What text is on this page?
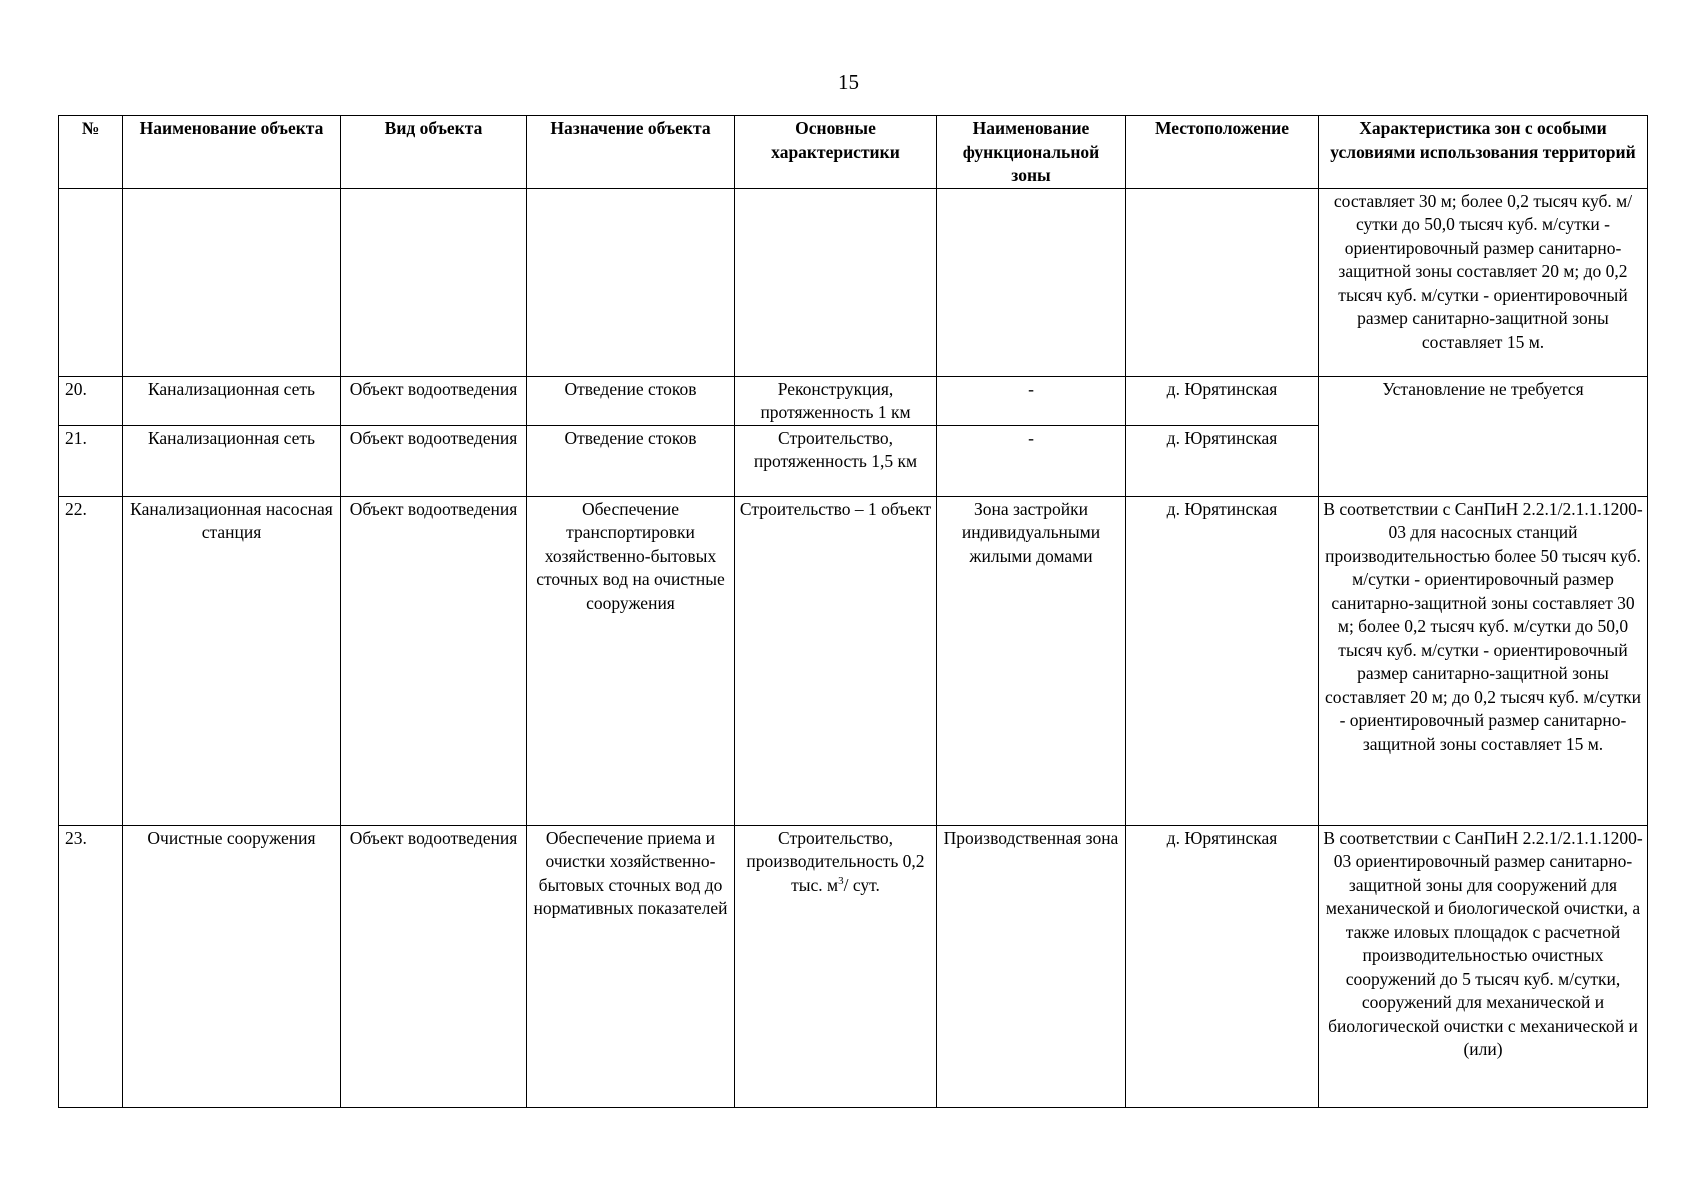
15
№	Наименование объекта	Вид объекта	Назначение объекта	Основные характеристики	Наименование функциональной зоны	Местоположение	Характеристика зон с особыми условиями использования территорий
							составляет 30 м; более 0,2 тысяч куб. м/сутки до 50,0 тысяч куб. м/сутки - ориентировочный размер санитарно-защитной зоны составляет 20 м; до 0,2 тысяч куб. м/сутки - ориентировочный размер санитарно-защитной зоны составляет 15 м.
20.	Канализационная сеть	Объект водоотведения	Отведение стоков	Реконструкция, протяженность 1 км	-	д. Юрятинская	Установление не требуется
21.	Канализационная сеть	Объект водоотведения	Отведение стоков	Строительство, протяженность 1,5 км	-	д. Юрятинская	
22.	Канализационная насосная станция	Объект водоотведения	Обеспечение транспортировки хозяйственно-бытовых сточных вод на очистные сооружения	Строительство – 1 объект	Зона застройки индивидуальными жилыми домами	д. Юрятинская	В соответствии с СанПиН 2.2.1/2.1.1.1200-03 для насосных станций производительностью более 50 тысяч куб. м/сутки - ориентировочный размер санитарно-защитной зоны составляет 30 м; более 0,2 тысяч куб. м/сутки до 50,0 тысяч куб. м/сутки - ориентировочный размер санитарно-защитной зоны составляет 20 м; до 0,2 тысяч куб. м/сутки - ориентировочный размер санитарно-защитной зоны составляет 15 м.
23.	Очистные сооружения	Объект водоотведения	Обеспечение приема и очистки хозяйственно-бытовых сточных вод до нормативных показателей	Строительство, производительность 0,2 тыс. $м^3/$ сут.	Производственная зона	д. Юрятинская	В соответствии с СанПиН 2.2.1/2.1.1.1200-03 ориентировочный размер санитарно-защитной зоны для сооружений для механической и биологической очистки, а также иловых площадок с расчетной производительностью очистных сооружений до 5 тысяч куб. м/сутки, сооружений для механической и биологической очистки с механической и (или)
